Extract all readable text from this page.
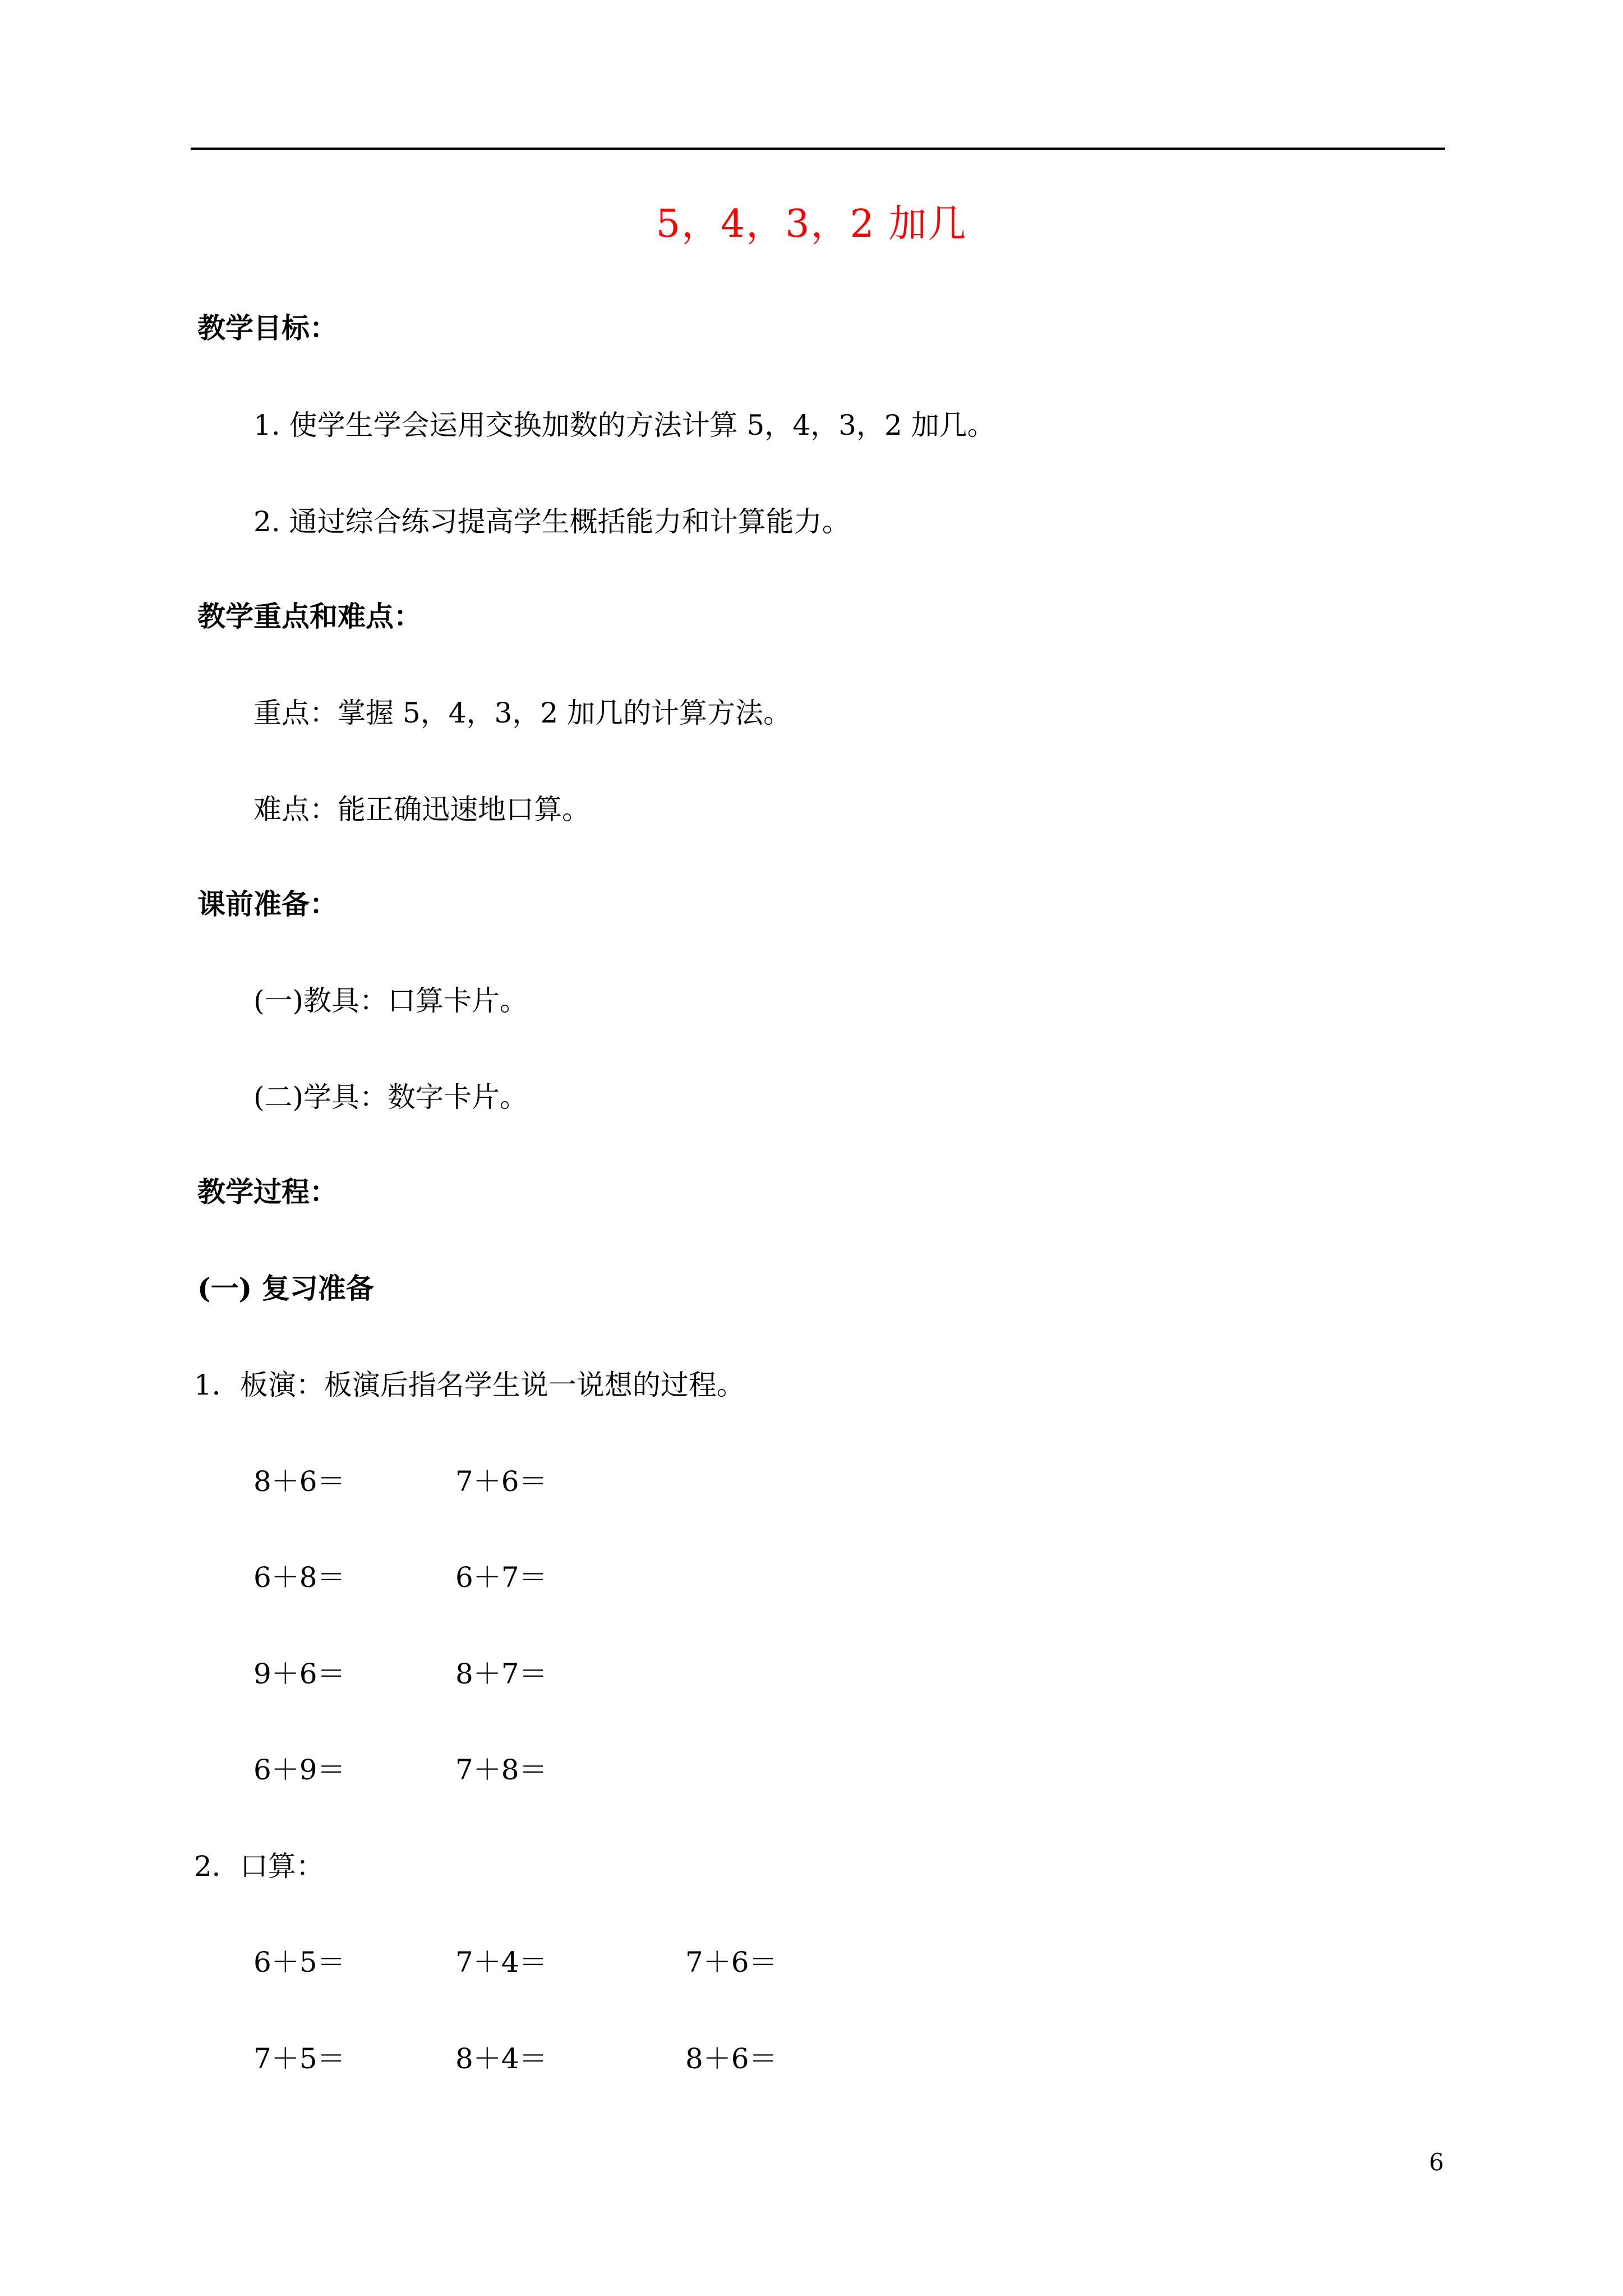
5，4，3，2 加几
教学目标：
1. 使学生学会运用交换加数的方法计算 5，4，3，2 加几。
2. 通过综合练习提高学生概括能力和计算能力。
教学重点和难点：
重点：掌握 5，4，3，2 加几的计算方法。
难点：能正确迅速地口算。
课前准备：
(一)教具：口算卡片。
(二)学具：数字卡片。
教学过程：
(一) 复习准备
1．板演：板演后指名学生说一说想的过程。
8＋6＝	7＋6＝
6＋8＝	6＋7＝
9＋6＝	8＋7＝
6＋9＝	7＋8＝
2．口算：
6＋5＝	7＋4＝	7＋6＝
7＋5＝	8＋4＝	8＋6＝
6
